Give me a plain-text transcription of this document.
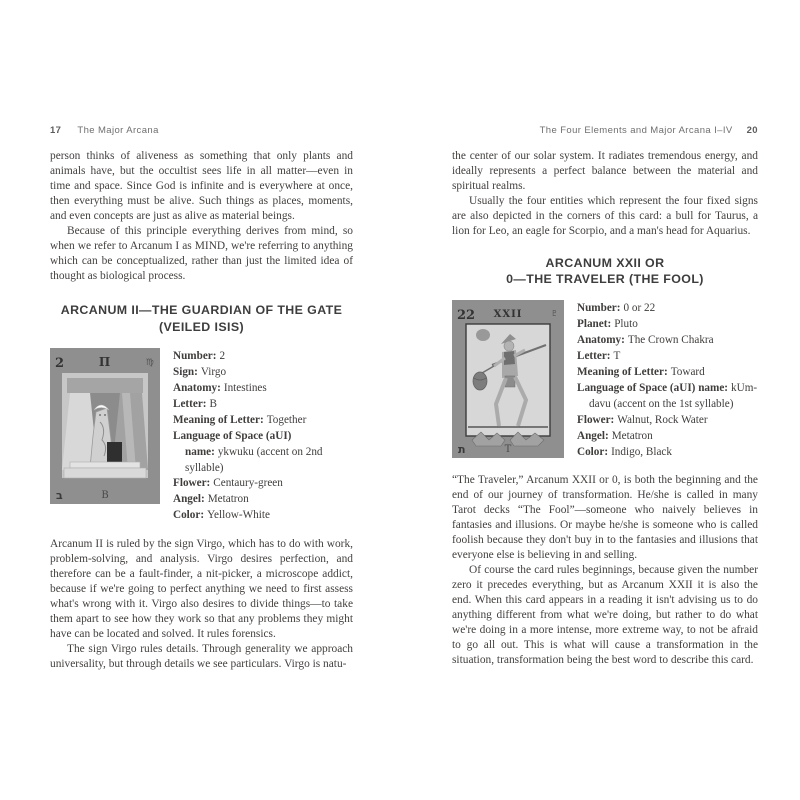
17 The Major Arcana

person thinks of aliveness as something that only plants and animals have, but the occultist sees life in all matter—even in time and space. Since God is infinite and is everywhere at once, then everything must be alive. Such things as places, moments, and even concepts are just as alive as material beings.

Because of this principle everything derives from mind, so when we refer to Arcanum I as MIND, we're referring to anything which can be conceptualized, rather than just the limited idea of thought as biological process.

ARCANUM II—THE GUARDIAN OF THE GATE
(VEILED ISIS)
2	Π	♍
ב	B
Number: 2
Sign: Virgo
Anatomy: Intestines
Letter: B
Meaning of Letter: Together
Language of Space (aUI) name: ykwuku (accent on 2nd syllable)
Flower: Centaury-green
Angel: Metatron
Color: Yellow-White

Arcanum II is ruled by the sign Virgo, which has to do with work, problem-solving, and analysis. Virgo desires perfection, and therefore can be a fault-finder, a nit-picker, a microscope addict, because if we're going to perfect anything we need to first assess what's wrong with it. Virgo also desires to divide things—to take them apart to see how they work so that any problems they might have can be located and solved. It rules forensics.

The sign Virgo rules details. Through generality we approach universality, but through details we see particulars. Virgo is natu-

The Four Elements and Major Arcana I–IV 20

the center of our solar system. It radiates tremendous energy, and ideally represents a perfect balance between the material and spiritual realms.

Usually the four entities which represent the four fixed signs are also depicted in the corners of this card: a bull for Taurus, a lion for Leo, an eagle for Scorpio, and a man's head for Aquarius.

ARCANUM XXII OR
0—THE TRAVELER (THE FOOL)
22 XXII	♇
ת	T
Number: 0 or 22
Planet: Pluto
Anatomy: The Crown Chakra
Letter: T
Meaning of Letter: Toward
Language of Space (aUI) name: kUm-davu (accent on the 1st syllable)
Flower: Walnut, Rock Water
Angel: Metatron
Color: Indigo, Black

“The Traveler,” Arcanum XXII or 0, is both the beginning and the end of our journey of transformation. He/she is called in many Tarot decks “The Fool”—someone who naively believes in fantasies and illusions. Or maybe he/she is someone who is called foolish because they don't buy in to the fantasies and illusions that everyone else is believing in and selling.

Of course the card rules beginnings, because given the number zero it precedes everything, but as Arcanum XXII it is also the end. When this card appears in a reading it isn't advising us to do anything different from what we're doing, but rather to do what we're doing in a more intense, more extreme way, to not be afraid to go all out. This is what will cause a transformation in the situation, transformation being the best word to describe this card.
